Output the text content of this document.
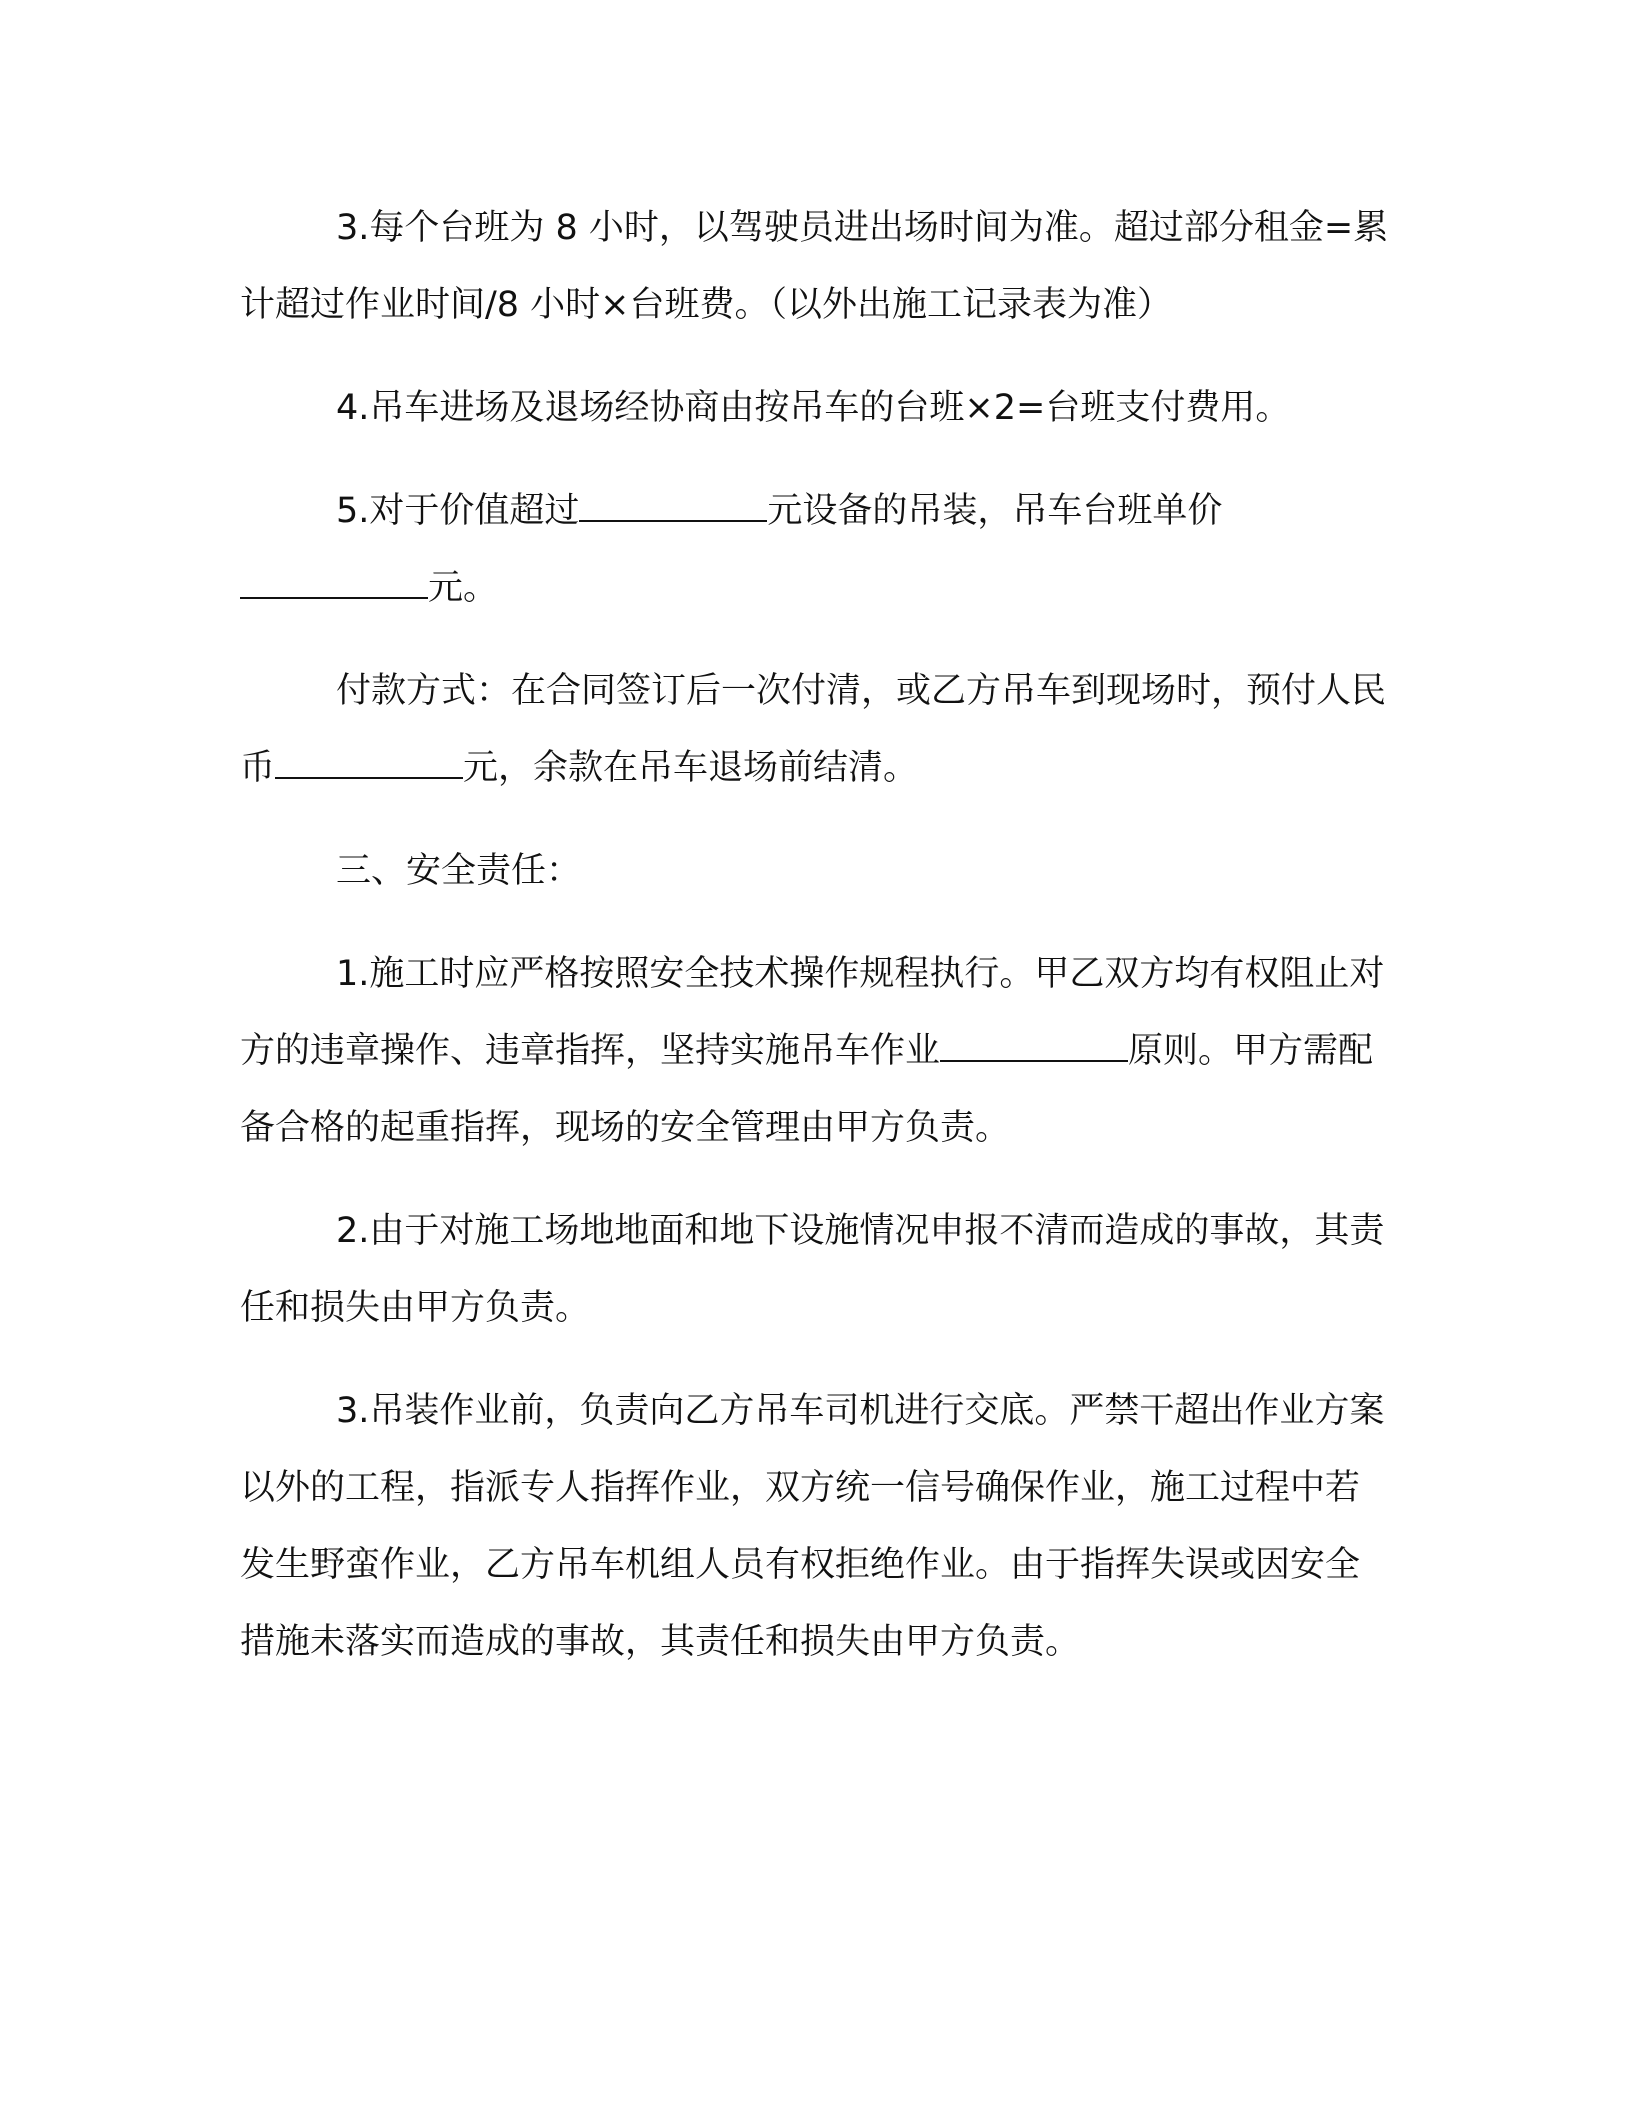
3.每个台班为 8 小时，以驾驶员进出场时间为准。超过部分租金=累计超过作业时间/8 小时×台班费。（以外出施工记录表为准）

4.吊车进场及退场经协商由按吊车的台班×2=台班支付费用。

5.对于价值超过	元设备的吊装，吊车台班单价元。

付款方式：在合同签订后一次付清，或乙方吊车到现场时，预付人民币	元，余款在吊车退场前结清。

三、安全责任：

1.施工时应严格按照安全技术操作规程执行。甲乙双方均有权阻止对方的违章操作、违章指挥，坚持实施吊车作业	原则。甲方需配备合格的起重指挥，现场的安全管理由甲方负责。

2.由于对施工场地地面和地下设施情况申报不清而造成的事故，其责任和损失由甲方负责。

3.吊装作业前，负责向乙方吊车司机进行交底。严禁干超出作业方案以外的工程，指派专人指挥作业，双方统一信号确保作业，施工过程中若发生野蛮作业，乙方吊车机组人员有权拒绝作业。由于指挥失误或因安全措施未落实而造成的事故，其责任和损失由甲方负责。
